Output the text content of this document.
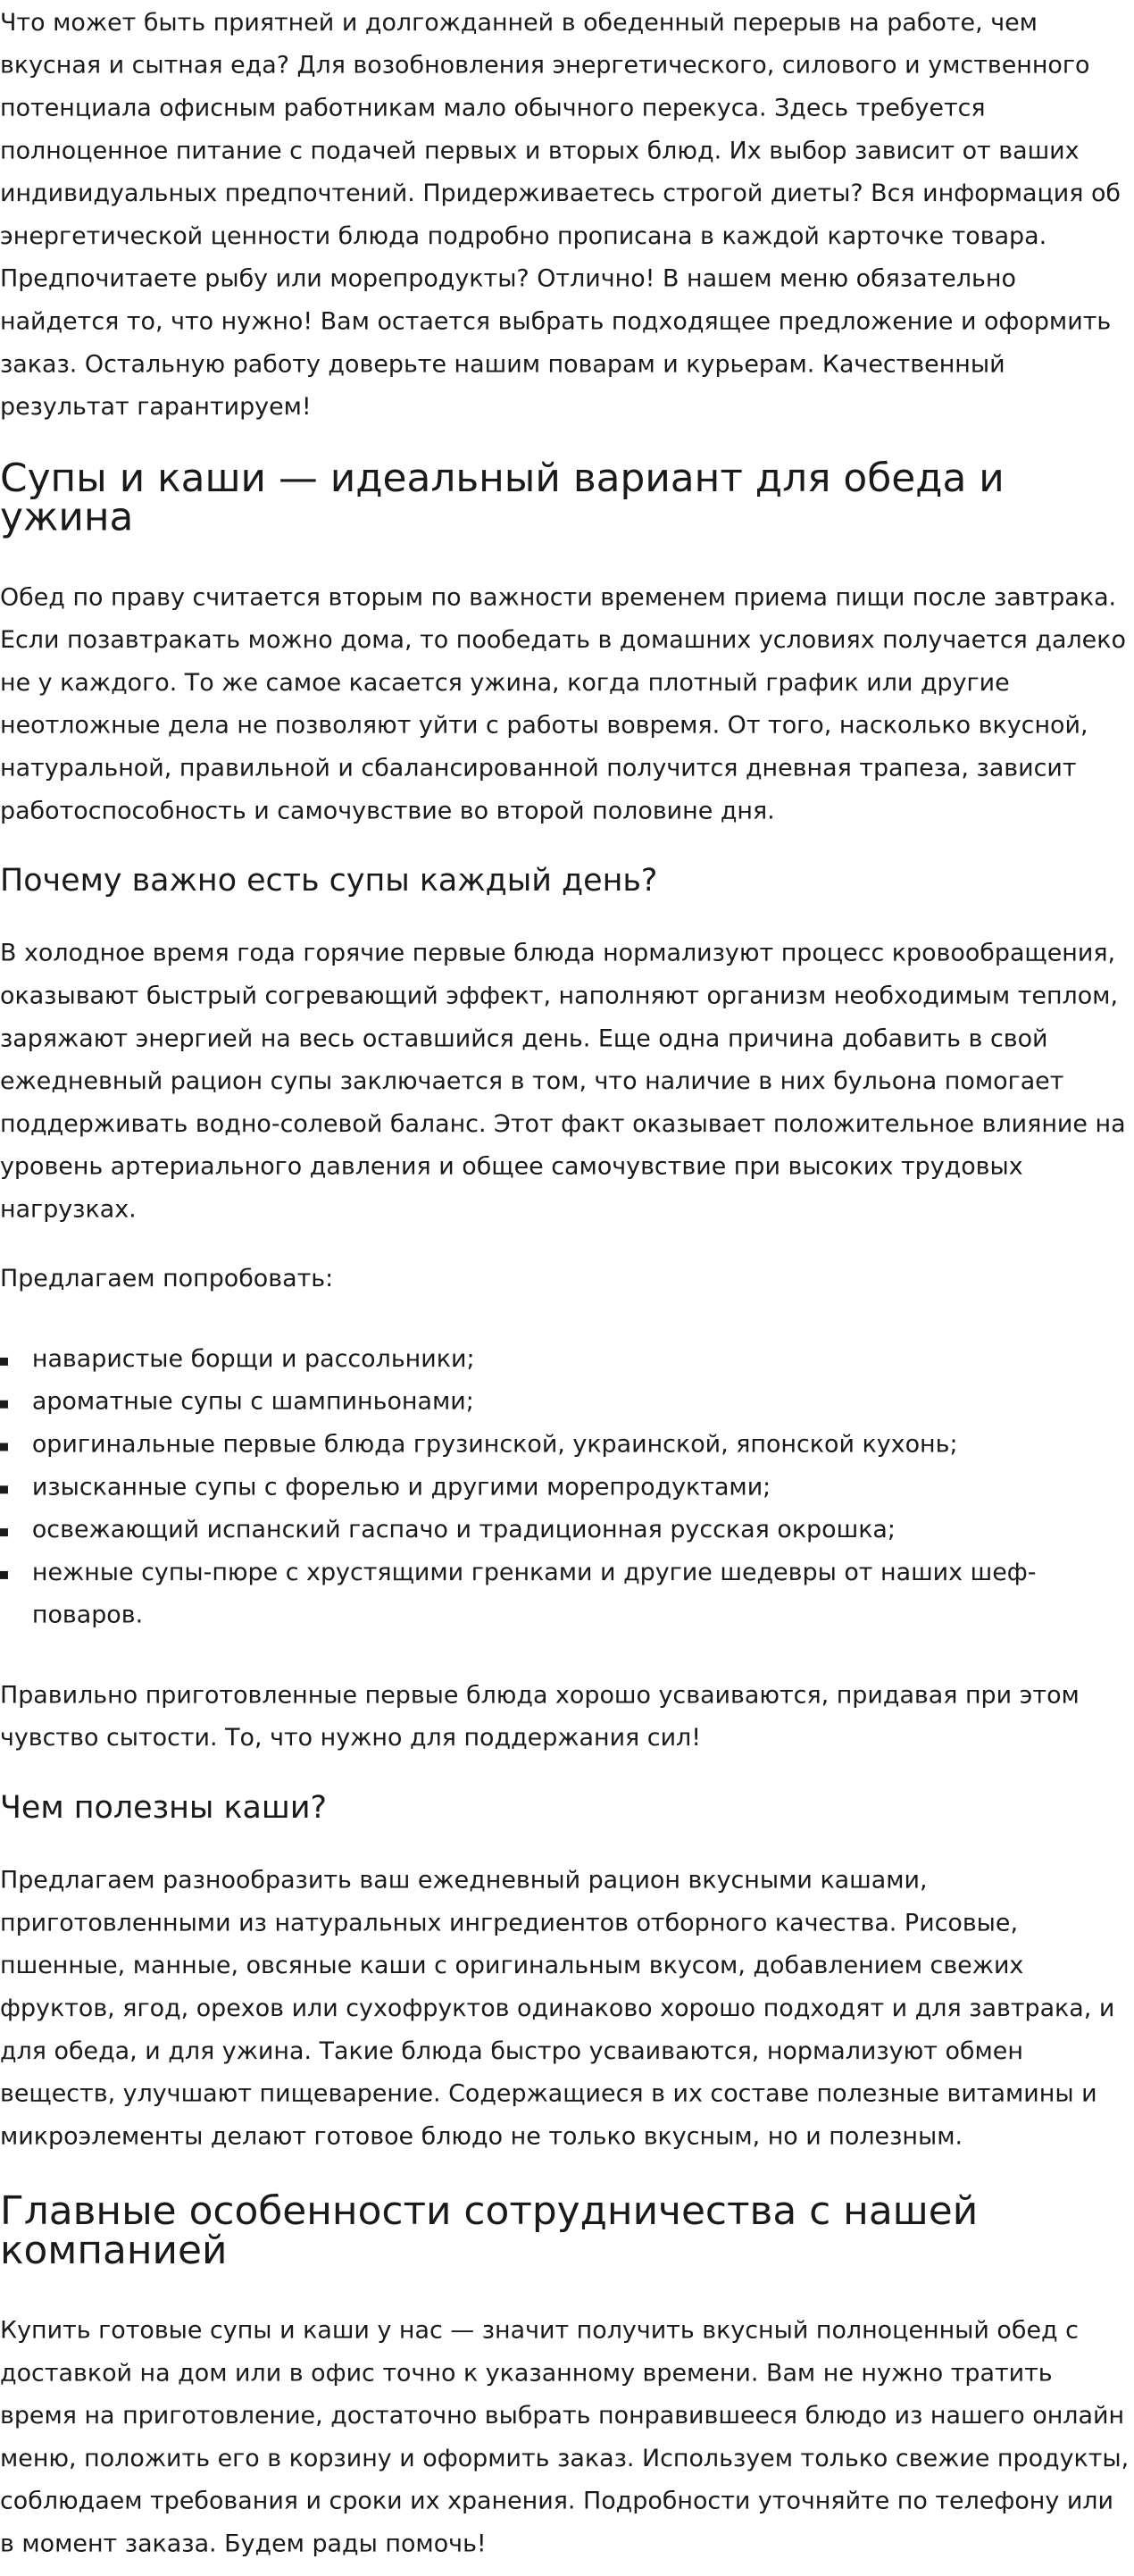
Что может быть приятней и долгожданней в обеденный перерыв на работе, чем вкусная и сытная еда? Для возобновления энергетического, силового и умственного потенциала офисным работникам мало обычного перекуса. Здесь требуется полноценное питание с подачей первых и вторых блюд. Их выбор зависит от ваших индивидуальных предпочтений. Придерживаетесь строгой диеты? Вся информация об энергетической ценности блюда подробно прописана в каждой карточке товара. Предпочитаете рыбу или морепродукты? Отлично! В нашем меню обязательно найдется то, что нужно! Вам остается выбрать подходящее предложение и оформить заказ. Остальную работу доверьте нашим поварам и курьерам. Качественный результат гарантируем!

Супы и каши — идеальный вариант для обеда и ужина

Обед по праву считается вторым по важности временем приема пищи после завтрака. Если позавтракать можно дома, то пообедать в домашних условиях получается далеко не у каждого. То же самое касается ужина, когда плотный график или другие неотложные дела не позволяют уйти с работы вовремя. От того, насколько вкусной, натуральной, правильной и сбалансированной получится дневная трапеза, зависит работоспособность и самочувствие во второй половине дня.

Почему важно есть супы каждый день?

В холодное время года горячие первые блюда нормализуют процесс кровообращения, оказывают быстрый согревающий эффект, наполняют организм необходимым теплом, заряжают энергией на весь оставшийся день. Еще одна причина добавить в свой ежедневный рацион супы заключается в том, что наличие в них бульона помогает поддерживать водно-солевой баланс. Этот факт оказывает положительное влияние на уровень артериального давления и общее самочувствие при высоких трудовых нагрузках.

Предлагаем попробовать:

наваристые борщи и рассольники;
ароматные супы с шампиньонами;
оригинальные первые блюда грузинской, украинской, японской кухонь;
изысканные супы с форелью и другими морепродуктами;
освежающий испанский гаспачо и традиционная русская окрошка;
нежные супы-пюре с хрустящими гренками и другие шедевры от наших шеф-поваров.

Правильно приготовленные первые блюда хорошо усваиваются, придавая при этом чувство сытости. То, что нужно для поддержания сил!

Чем полезны каши?

Предлагаем разнообразить ваш ежедневный рацион вкусными кашами, приготовленными из натуральных ингредиентов отборного качества. Рисовые, пшенные, манные, овсяные каши с оригинальным вкусом, добавлением свежих фруктов, ягод, орехов или сухофруктов одинаково хорошо подходят и для завтрака, и для обеда, и для ужина. Такие блюда быстро усваиваются, нормализуют обмен веществ, улучшают пищеварение. Содержащиеся в их составе полезные витамины и микроэлементы делают готовое блюдо не только вкусным, но и полезным.

Главные особенности сотрудничества с нашей компанией

Купить готовые супы и каши у нас — значит получить вкусный полноценный обед с доставкой на дом или в офис точно к указанному времени. Вам не нужно тратить время на приготовление, достаточно выбрать понравившееся блюдо из нашего онлайн меню, положить его в корзину и оформить заказ. Используем только свежие продукты, соблюдаем требования и сроки их хранения. Подробности уточняйте по телефону или в момент заказа. Будем рады помочь!
